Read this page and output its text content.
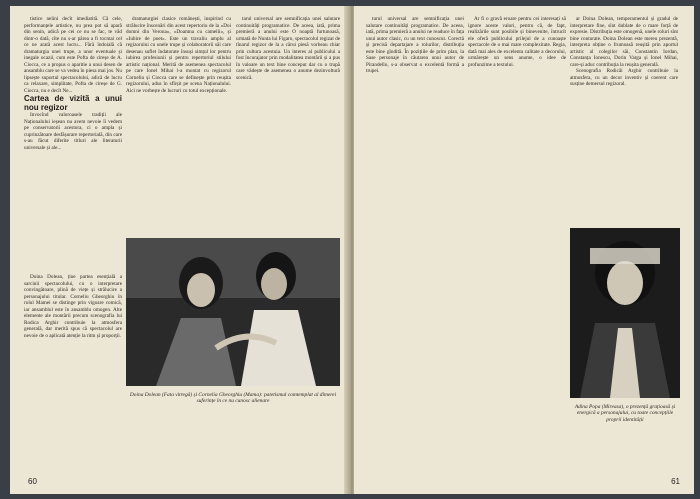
tistice nelini decît imediatitã. Cã cele, performanțele artistice, nu prea pot sã aparã din senin, adicã pe cei ce nu se fac, te vãd dintr-o datã, cîte nu s-ar pãrea a fi tocmai cel ce ne aratã acest lucru... Fãrã îndoialã cã dramaturgia unei trupe, a unor eventuale și inegale ocazii, cum este Pofta de cireșe de A. Ciocca, ce a propus o aparitie a unui desen de ansamblu care se va vedea în piesa mai jos. Nu lipsește suportul spectacolului, adicã de lucru ca relaxare, simplitate, Pofta de cireșe de G. Ciocca, nu e decît Ne...

Cartea de vizitã a unui nou regizor

Invocînd valoroasele tradiții ale Naționalului ieșean nu avem nevoie îi vedem pe conservatorii acestora, ci o ampla și cuprinzãtoare desfãșurare repertorialã, din care s-au făcut diferite titluri ale literaturii universale și ale...

dramaturgiei clasice românești, inspirind cu strãlucire înscenãri din acest repertoriu de la «Doi domni din Verona», «Doamna cu camelii», și «Iubire de poet». Este un travaliu amplu al regizorului cu unele trupe și colaboratorii sãi care desenau suflet îndatorate însuși simțul lor pentru iubirea profesiunii și pentru repertoriul stilului artistic național. Merită de asemenea spectacolul pe care Ionel Mihai l-a montat cu regizorul Corneliu și Ciocca care se definește prin reușita regizorului, adus în sfîrșit pe scena Naționalului. Aici ne vorbește de lucruri cu totul excepționale.

tarul universal are semnificația unei salutare continuitãți programatice. De aceea, iatã, prima premierã a anului este O noaptã furtunoasã, urmatã de Nunta lui Figaro, spectacolul regizat de tînarul regizor de la a cãrui piesã vorbeau chiar prin cultura acestuia. Un interes al publicului a fost încurajator prin modalitatea montãrii și a pus în valoare un text bine conceput dar cu o trupã care vădește de asemenea o anume dezinvolturã scenicã.

Doina Dolean (Fata vitregã) și Cornelia Gheorghiu (Mama): patetismul comtemplat al dîmerei suferințe în ce nu cunosc alienare

Doina Dolean, ține partea esențialã a sarcinii spectacolului, cu o interpretare convingãtoare, plinã de viețe și strãlucire a personajului titular. Corneliu Gheorghiu în rolul Mamei se distinge prin vigoare comicã, iar ansamblul este în ansamblu omogen. Alte elemente ale montãrii precum scenografia lui Rodica Arghir contribuie la atmosfera generalã, dar meritã spus cã spectacolul are nevoie de o aplicatã atenție la ritm și proporții.

60

turul universal are semnificația unei salutare continuitãți programatice. De aceea, iatã, prima premierã a anului ne readuce în fața unui autor clasic, cu un text cunoscut. Corectã și precisã departajare a rolurilor, distribuția este bine gînditã. În pozițiile de prim plan, la Sase personaje în cãutarea unui autor de Pirandello, s-a observat o excelentã formã a trupei.

Ar fi o gravã eroare pentru cei interesați să ignore aceste valori, pentru cã, de fapt, realizãrile sunt posibile și binevenite, întrucît ele oferã publicului prilejul de a cunoaște spectacole de o mai mare complexitate. Regia, datã mai ales de excelenta calitate a decorului, urmãrește un sens anume, o idee de profunzime a textului.

ar Doina Dolean, temperamentul și gradul de interpretare fine, sînt dublate de o mare forțã de expresie. Distribuția este omogenã, unele roluri sînt bine conturate. Doina Dolean este mereu prezentã, interpreta obține o frumoasã reușitã prin aportul artistic al colegilor sãi, Constantin Iordan, Constanța Ionescu, Dorin Varga și Ionel Mihai, care-și aduc contribuția la reușita generalã.

Scenografia Rodicăi Arghir contribuie la atmosfera, cu un decor inventiv și coerent care susține demersul regizoral.

Adina Popa (Mireasa), o prezențã grațioasã și energicã a personajului, cu toate concepțiile proprii identitãții
61
